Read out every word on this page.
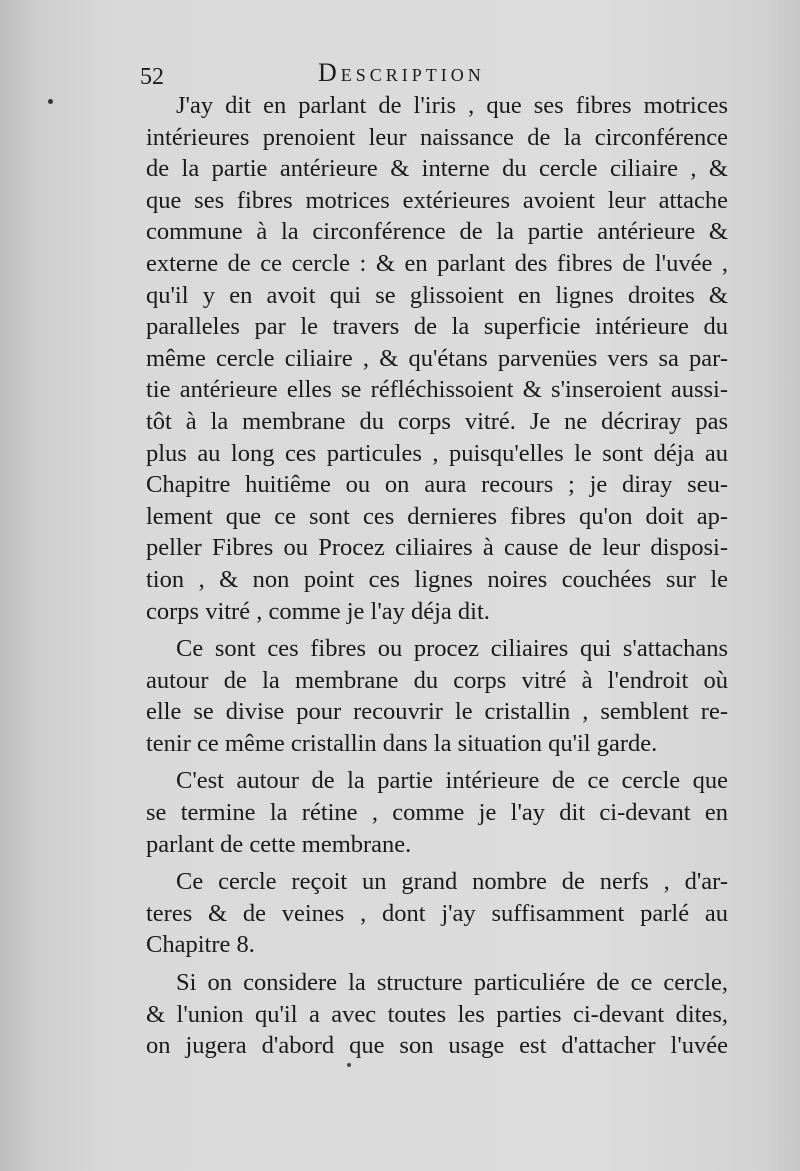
52	Description

J'ay dit en parlant de l'iris , que ses fibres motrices
intérieures prenoient leur naissance de la circonférence
de la partie antérieure & interne du cercle ciliaire , &
que ses fibres motrices extérieures avoient leur attache
commune à la circonférence de la partie antérieure &
externe de ce cercle : & en parlant des fibres de l'uvée ,
qu'il y en avoit qui se glissoient en lignes droites &
paralleles par le travers de la superficie intérieure du
même cercle ciliaire , & qu'étans parvenües vers sa par-
tie antérieure elles se réfléchissoient & s'inseroient aussi-
tôt à la membrane du corps vitré. Je ne décriray pas
plus au long ces particules , puisqu'elles le sont déja au
Chapitre huitiême ou on aura recours ; je diray seu-
lement que ce sont ces dernieres fibres qu'on doit ap-
peller Fibres ou Procez ciliaires à cause de leur disposi-
tion , & non point ces lignes noires couchées sur le
corps vitré , comme je l'ay déja dit.

Ce sont ces fibres ou procez ciliaires qui s'attachans
autour de la membrane du corps vitré à l'endroit où
elle se divise pour recouvrir le cristallin , semblent re-
tenir ce même cristallin dans la situation qu'il garde.

C'est autour de la partie intérieure de ce cercle que
se termine la rétine , comme je l'ay dit ci-devant en
parlant de cette membrane.

Ce cercle reçoit un grand nombre de nerfs , d'ar-
teres & de veines , dont j'ay suffisamment parlé au
Chapitre 8.

Si on considere la structure particuliére de ce cercle,
& l'union qu'il a avec toutes les parties ci-devant dites,
on jugera d'abord que son usage est d'attacher l'uvée
